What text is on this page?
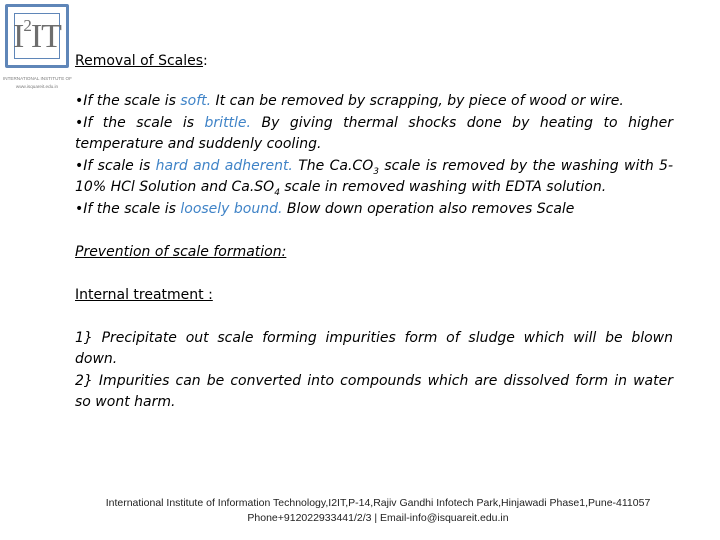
$I^2IT$
INTERNATIONAL INSTITUTE OF
www.isquareit.edu.in
Removal of Scales:
•If the scale is soft. It can be removed by scrapping, by piece of wood or wire.
•If the scale is brittle. By giving thermal shocks done by heating to higher
temperature and suddenly cooling.
•If scale is hard and adherent. The $Ca.CO_3$ scale is removed by the washing with 5-
10% HCl Solution and $Ca.SO_4$ scale in removed washing with EDTA solution.
•If the scale is loosely bound. Blow down operation also removes Scale
Prevention of scale formation:
Internal treatment :
1} Precipitate out scale forming impurities form of sludge which will be blown
down.
2} Impurities can be converted into compounds which are dissolved form in water
so wont harm.
International Institute of Information Technology,I2IT,P-14,Rajiv Gandhi Infotech Park,Hinjawadi Phase1,Pune-411057
Phone+912022933441/2/3 | Email-info@isquareit.edu.in
